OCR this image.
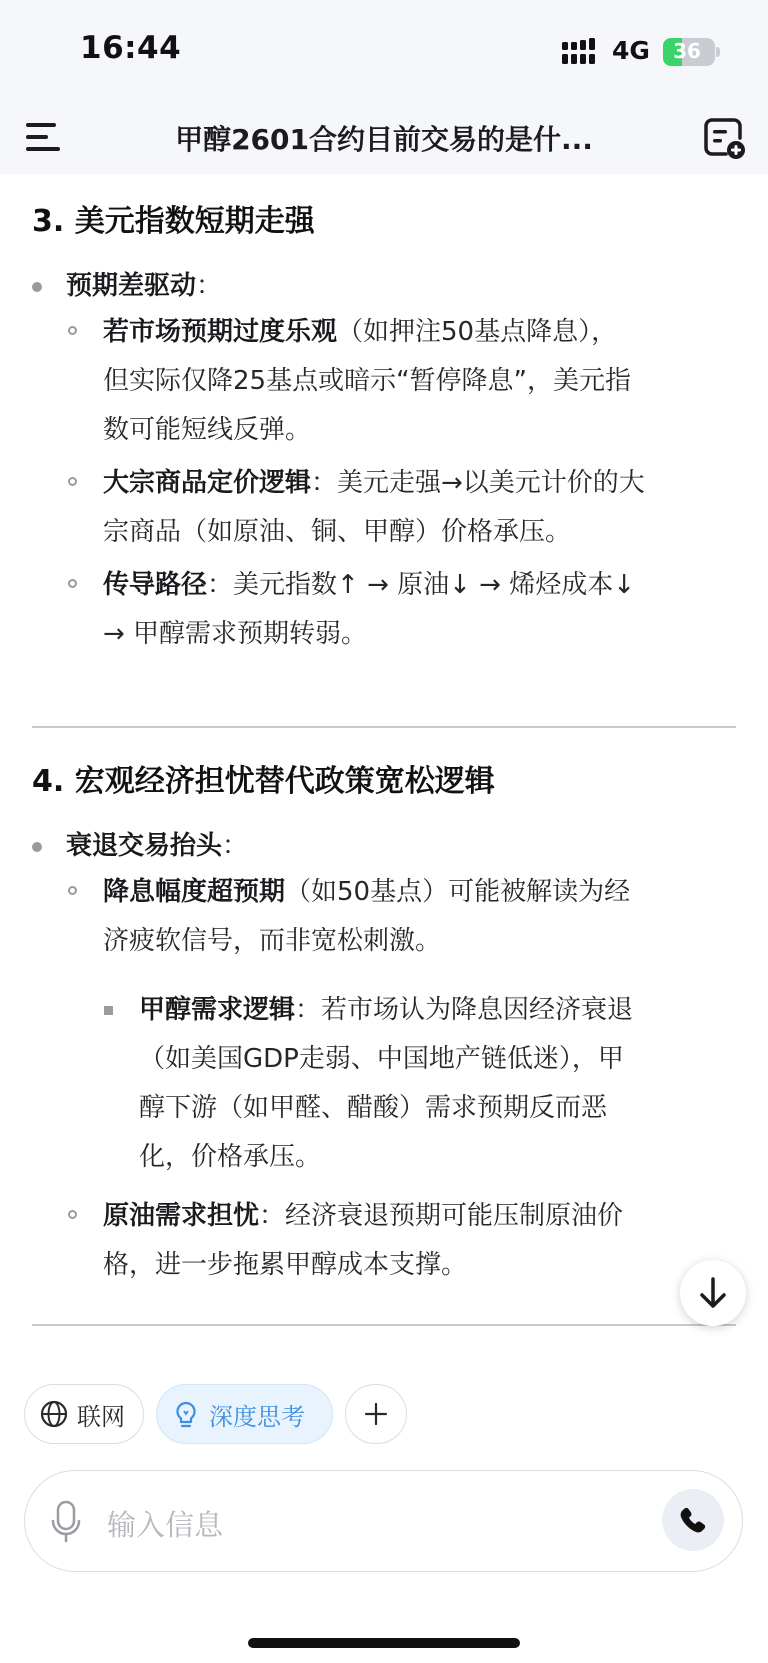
16:44	4G	36
甲醇2601合约目前交易的是什...
3. 美元指数短期走强
预期差驱动：
若市场预期过度乐观（如押注50基点降息），
但实际仅降25基点或暗示“暂停降息”，美元指
数可能短线反弹。
大宗商品定价逻辑：美元走强→以美元计价的大
宗商品（如原油、铜、甲醇）价格承压。
传导路径：美元指数↑ → 原油↓ → 烯烃成本↓
→ 甲醇需求预期转弱。
4. 宏观经济担忧替代政策宽松逻辑
衰退交易抬头：
降息幅度超预期（如50基点）可能被解读为经
济疲软信号，而非宽松刺激。
甲醇需求逻辑：若市场认为降息因经济衰退
（如美国GDP走弱、中国地产链低迷），甲
醇下游（如甲醛、醋酸）需求预期反而恶
化，价格承压。
原油需求担忧：经济衰退预期可能压制原油价
格，进一步拖累甲醇成本支撑。
联网	深度思考
输入信息
